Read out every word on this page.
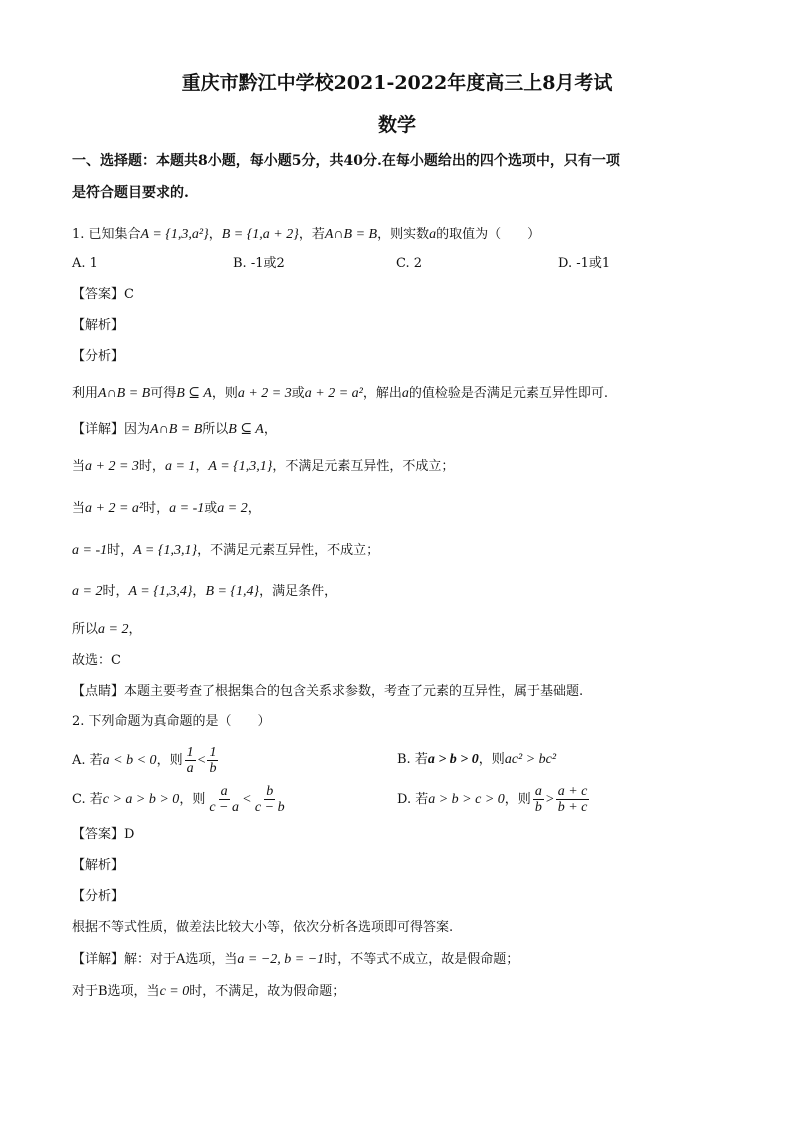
重庆市黔江中学校2021-2022年度高三上8月考试
数学
一、选择题：本题共8小题，每小题5分，共40分.在每小题给出的四个选项中，只有一项
是符合题目要求的.
1. 已知集合A = {1,3,a²}，B = {1,a + 2}，若A∩B = B，则实数a的取值为（　　）
A. 1	B. -1或2	C. 2	D. -1或1
【答案】C
【解析】
【分析】
利用A∩B = B可得B ⊆ A，则a + 2 = 3或a + 2 = a²，解出a的值检验是否满足元素互异性即可.
【详解】因为A∩B = B所以B ⊆ A，
当a + 2 = 3时，a = 1，A = {1,3,1}，不满足元素互异性，不成立；
当a + 2 = a²时，a = -1或a = 2，
a = -1时，A = {1,3,1}，不满足元素互异性，不成立；
a = 2时，A = {1,3,4}，B = {1,4}，满足条件，
所以a = 2，
故选：C
【点睛】本题主要考查了根据集合的包含关系求参数，考查了元素的互异性，属于基础题.
2. 下列命题为真命题的是（　　）
A. 若a < b < 0，则 $\frac{1}{a} < \frac{1}{b}$	B. 若a > b > 0，则ac² > bc²
C. 若c > a > b > 0，则 $\frac{a}{c - a} < \frac{b}{c - b}$	D. 若a > b > c > 0，则 $\frac{a}{b} > \frac{a + c}{b + c}$
【答案】D
【解析】
【分析】
根据不等式性质，做差法比较大小等，依次分析各选项即可得答案.
【详解】解：对于A选项，当a = −2, b = −1时，不等式不成立，故是假命题；
对于B选项，当c = 0时，不满足，故为假命题；
